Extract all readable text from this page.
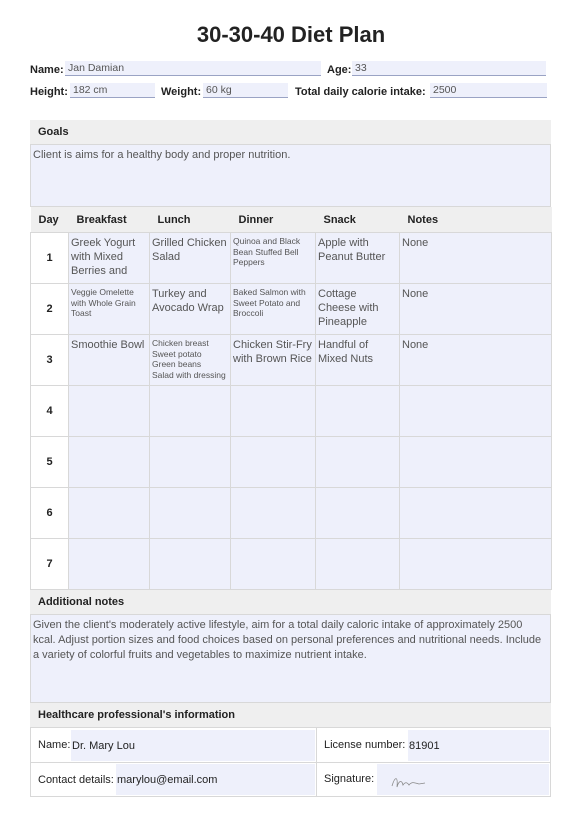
30-30-40 Diet Plan
Name: Jan Damian	Age: 33
Height: 182 cm	Weight: 60 kg	Total daily calorie intake: 2500
Goals
Client is aims for a healthy body and proper nutrition.
Day	Breakfast	Lunch	Dinner	Snack	Notes
1	Greek Yogurt with Mixed Berries and	Grilled Chicken Salad	Quinoa and Black Bean Stuffed Bell Peppers	Apple with Peanut Butter	None

2	Veggie Omelette with Whole Grain Toast	Turkey and Avocado Wrap	Baked Salmon with Sweet Potato and Broccoli	Cottage Cheese with Pineapple	None

3	Smoothie Bowl	Chicken breast
Sweet potato
Green beans
Salad with dressing	Chicken Stir-Fry with Brown Rice	Handful of Mixed Nuts	None

4					
5					
6					
7					
Additional notes
Given the client's moderately active lifestyle, aim for a total daily caloric intake of approximately 2500 kcal. Adjust portion sizes and food choices based on personal preferences and nutritional needs. Include a variety of colorful fruits and vegetables to maximize nutrient intake.
Healthcare professional's information
Name: Dr. Mary Lou	License number: 81901
Contact details: marylou@email.com	Signature:
